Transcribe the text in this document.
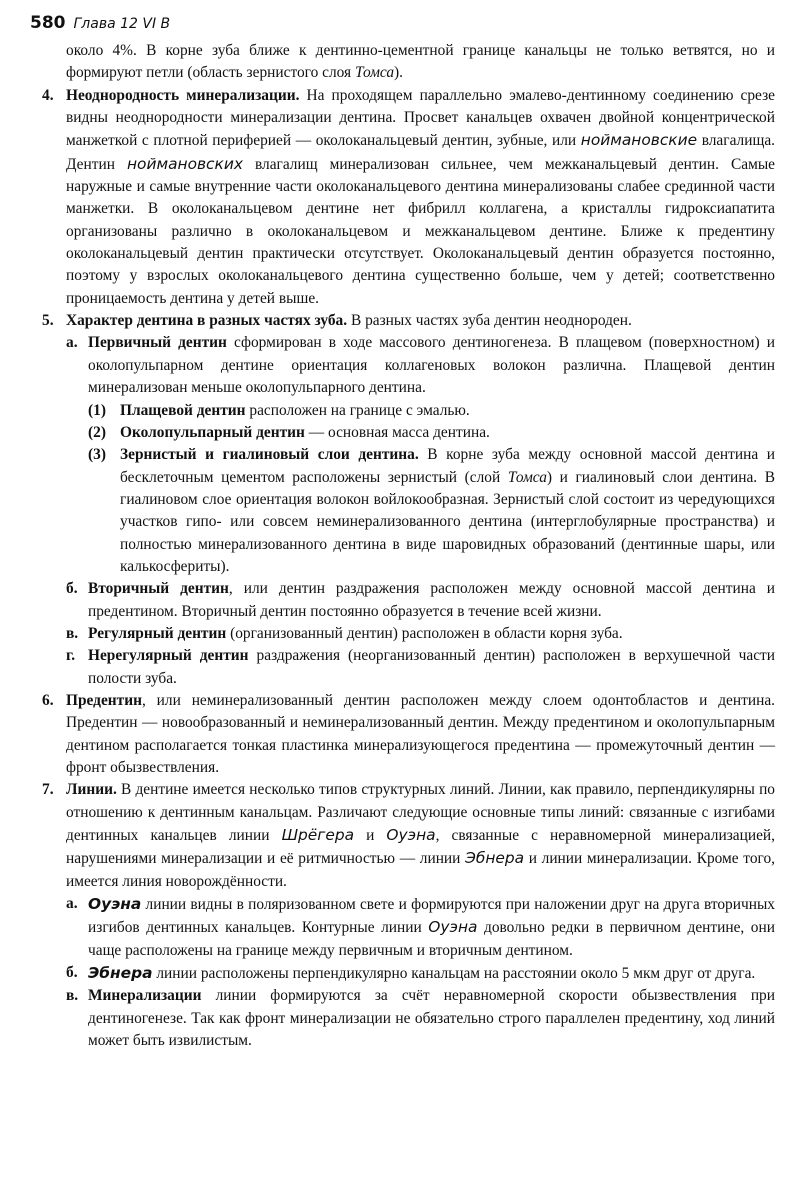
580 Глава 12 VI В

около 4%. В корне зуба ближе к дентинно-цементной границе канальцы не только ветвятся, но и формируют петли (область зернистого слоя Томса).

4. Неоднородность минерализации. На проходящем параллельно эмалево-дентинному соединению срезе видны неоднородности минерализации дентина. Просвет канальцев охвачен двойной концентрической манжеткой с плотной периферией — околоканальцевый дентин, зубные, или ноймановские влагалища. Дентин ноймановских влагалищ минерализован сильнее, чем межканальцевый дентин. Самые наружные и самые внутренние части околоканальцевого дентина минерализованы слабее срединной части манжетки. В околоканальцевом дентине нет фибрилл коллагена, а кристаллы гидроксиапатита организованы различно в околоканальцевом и межканальцевом дентине. Ближе к предентину околоканальцевый дентин практически отсутствует. Околоканальцевый дентин образуется постоянно, поэтому у взрослых околоканальцевого дентина существенно больше, чем у детей; соответственно проницаемость дентина у детей выше.
5. Характер дентина в разных частях зуба. В разных частях зуба дентин неоднороден.
а. Первичный дентин сформирован в ходе массового дентиногенеза. В плащевом (поверхностном) и околопульпарном дентине ориентация коллагеновых волокон различна. Плащевой дентин минерализован меньше околопульпарного дентина.
(1) Плащевой дентин расположен на границе с эмалью.
(2) Околопульпарный дентин — основная масса дентина.
(3) Зернистый и гиалиновый слои дентина. В корне зуба между основной массой дентина и бесклеточным цементом расположены зернистый (слой Томса) и гиалиновый слои дентина. В гиалиновом слое ориентация волокон войлокообразная. Зернистый слой состоит из чередующихся участков гипо- или совсем неминерализованного дентина (интерглобулярные пространства) и полностью минерализованного дентина в виде шаровидных образований (дентинные шары, или калькосфериты).
б. Вторичный дентин, или дентин раздражения расположен между основной массой дентина и предентином. Вторичный дентин постоянно образуется в течение всей жизни.
в. Регулярный дентин (организованный дентин) расположен в области корня зуба.
г. Нерегулярный дентин раздражения (неорганизованный дентин) расположен в верхушечной части полости зуба.
6. Предентин, или неминерализованный дентин расположен между слоем одонтобластов и дентина. Предентин — новообразованный и неминерализованный дентин. Между предентином и околопульпарным дентином располагается тонкая пластинка минерализующегося предентина — промежуточный дентин — фронт обызвествления.
7. Линии. В дентине имеется несколько типов структурных линий. Линии, как правило, перпендикулярны по отношению к дентинным канальцам. Различают следующие основные типы линий: связанные с изгибами дентинных канальцев линии Шрёгера и Оуэна, связанные с неравномерной минерализацией, нарушениями минерализации и её ритмичностью — линии Эбнера и линии минерализации. Кроме того, имеется линия новорождённости.
а. Оуэна линии видны в поляризованном свете и формируются при наложении друг на друга вторичных изгибов дентинных канальцев. Контурные линии Оуэна довольно редки в первичном дентине, они чаще расположены на границе между первичным и вторичным дентином.
б. Эбнера линии расположены перпендикулярно канальцам на расстоянии около 5 мкм друг от друга.
в. Минерализации линии формируются за счёт неравномерной скорости обызвествления при дентиногенезе. Так как фронт минерализации не обязательно строго параллелен предентину, ход линий может быть извилистым.
